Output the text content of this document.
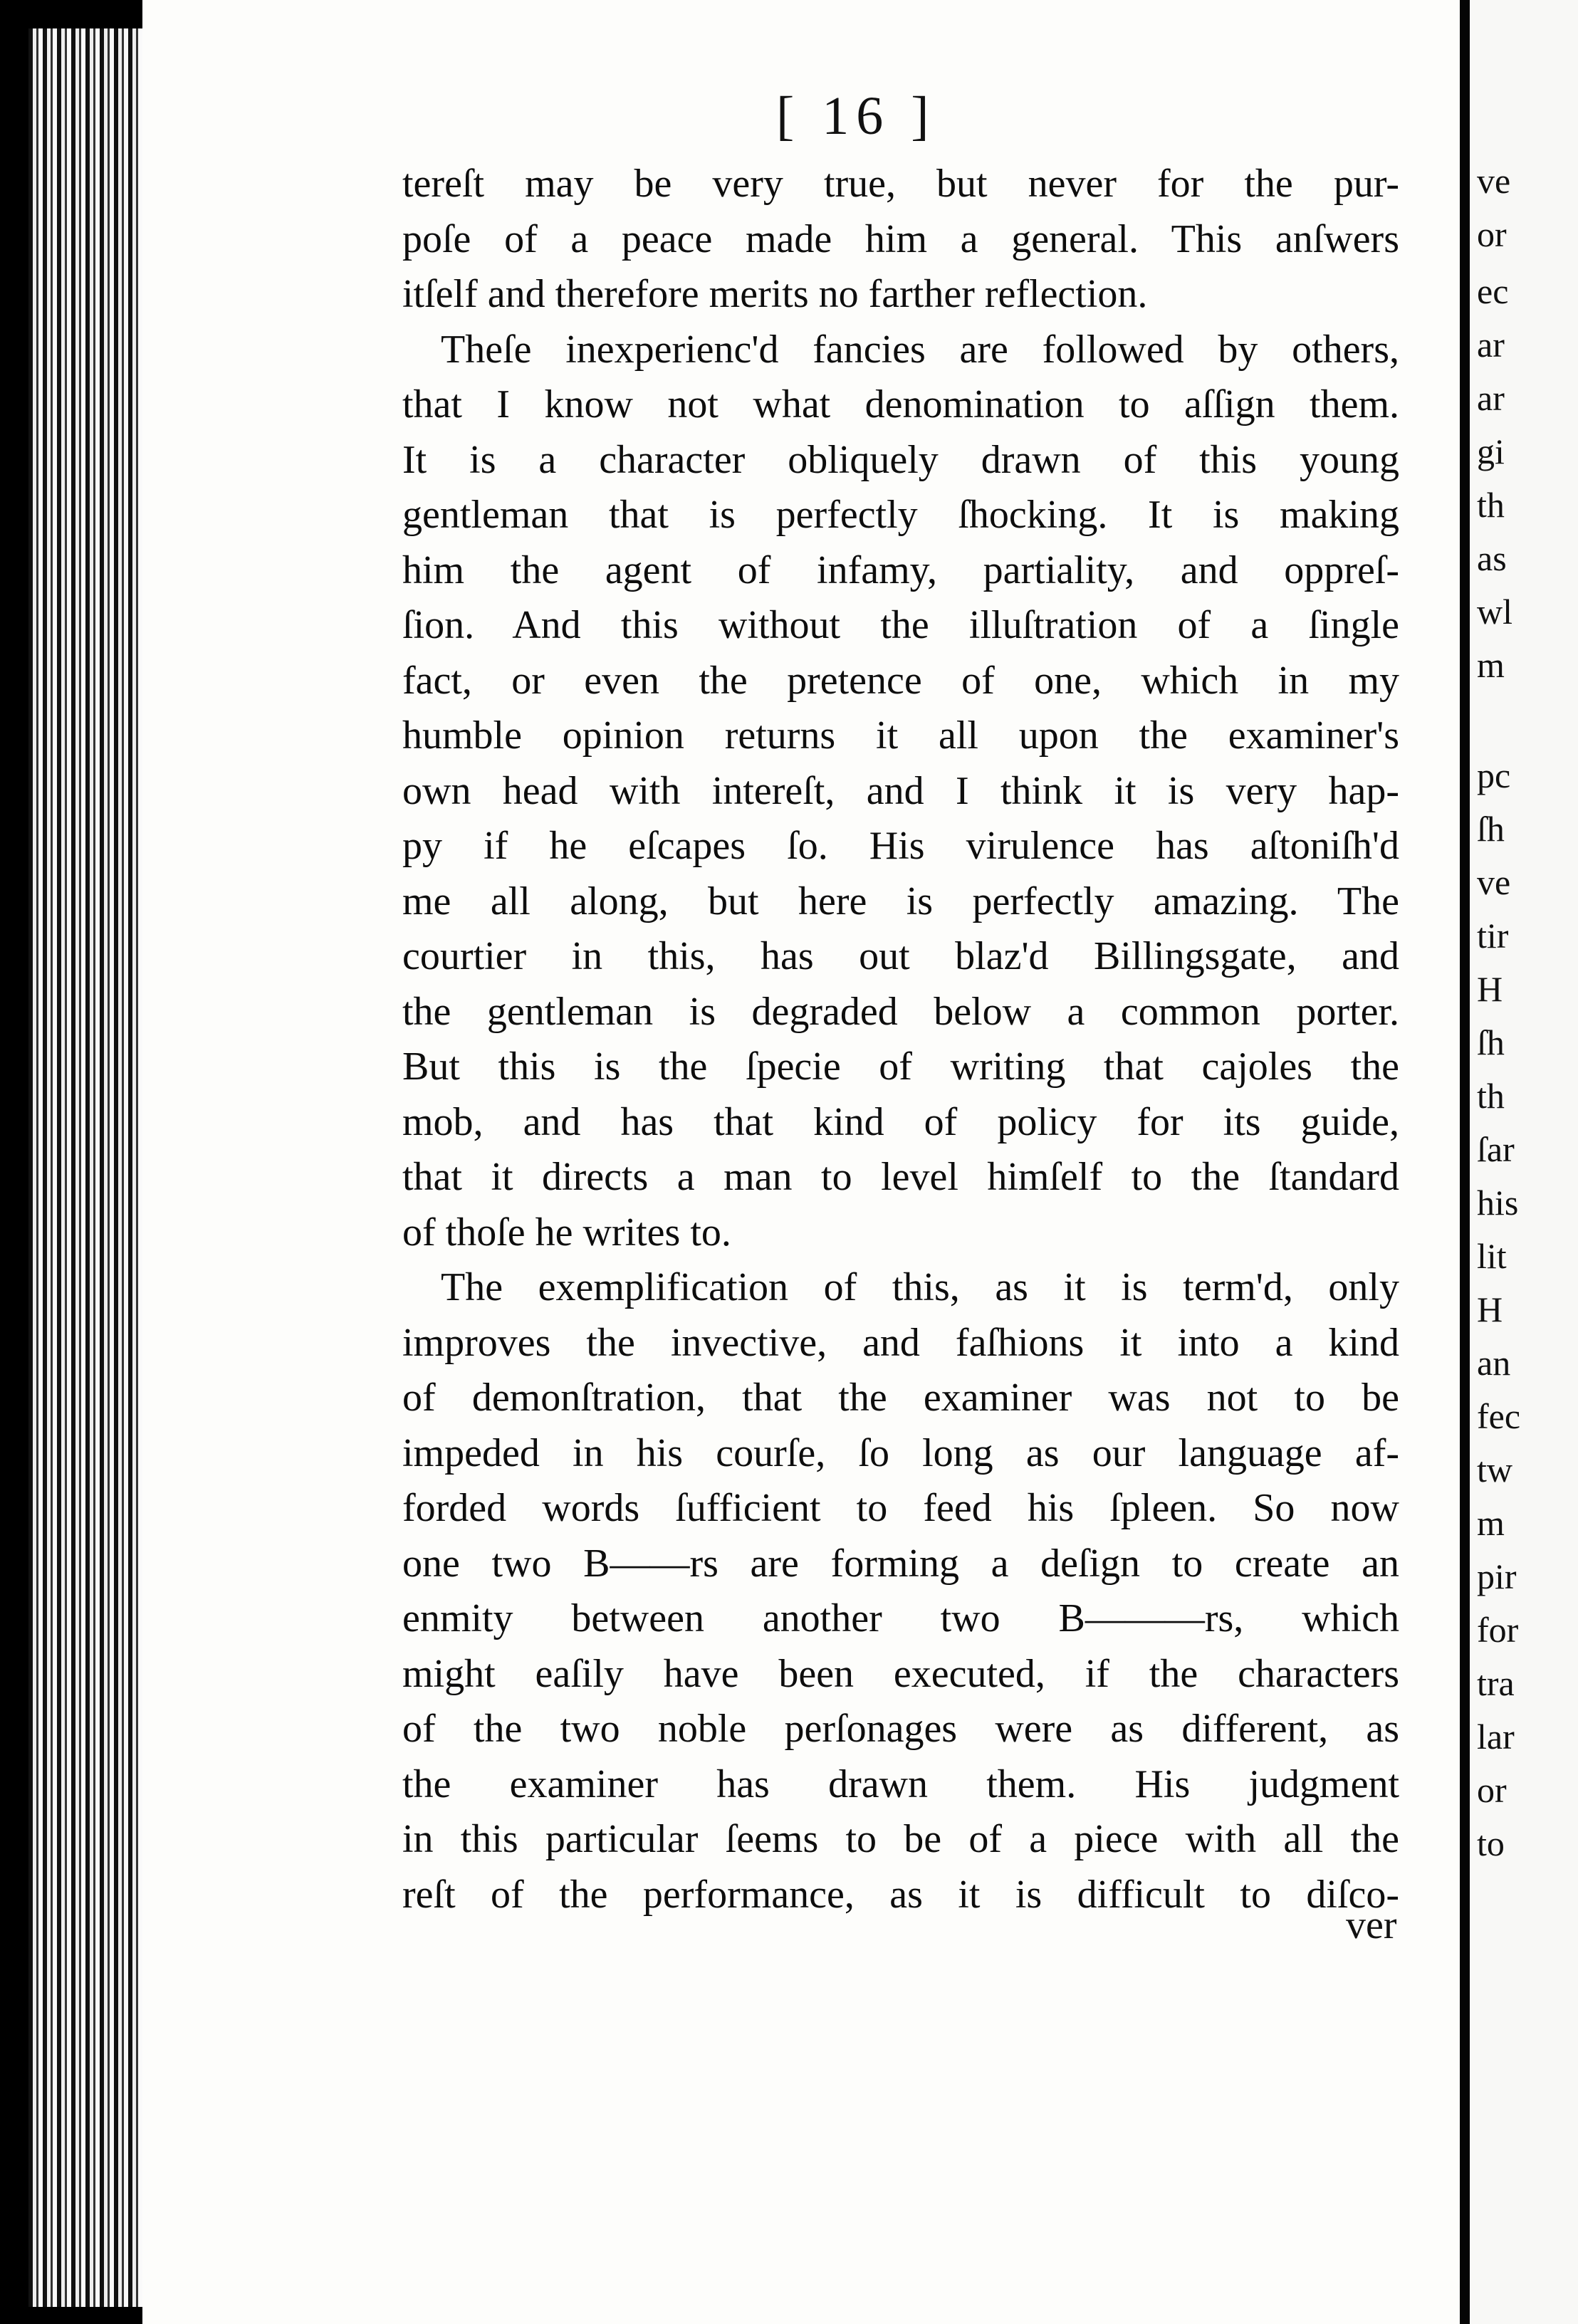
[ 16 ]
tereſt may be very true, but never for the pur-
poſe of a peace made him a general. This anſwers
itſelf and therefore merits no farther reflection.
Theſe inexperienc'd fancies are followed by others,
that I know not what denomination to aſſign them.
It is a character obliquely drawn of this young
gentleman that is perfectly ſhocking. It is making
him the agent of infamy, partiality, and oppreſ-
ſion. And this without the illuſtration of a ſingle
fact, or even the pretence of one, which in my
humble opinion returns it all upon the examiner's
own head with intereſt, and I think it is very hap-
py if he eſcapes ſo. His virulence has aſtoniſh'd
me all along, but here is perfectly amazing. The
courtier in this, has out blaz'd Billingsgate, and
the gentleman is degraded below a common porter.
But this is the ſpecie of writing that cajoles the
mob, and has that kind of policy for its guide,
that it directs a man to level himſelf to the ſtandard
of thoſe he writes to.
The exemplification of this, as it is term'd, only
improves the invective, and faſhions it into a kind
of demonſtration, that the examiner was not to be
impeded in his courſe, ſo long as our language af-
forded words ſufficient to feed his ſpleen. So now
one two B——rs are forming a deſign to create an
enmity between another two B———rs, which
might eaſily have been executed, if the characters
of the two noble perſonages were as different, as
the examiner has drawn them. His judgment
in this particular ſeems to be of a piece with all the
reſt of the performance, as it is difficult to diſco-
ver
ve
or
ec
ar
ar
gi
th
as
wl
m
pc
ſh
ve
tir
H
ſh
th
ſar
his
lit
H
an
fec
tw
m
pir
for
tra
lar
or
to
